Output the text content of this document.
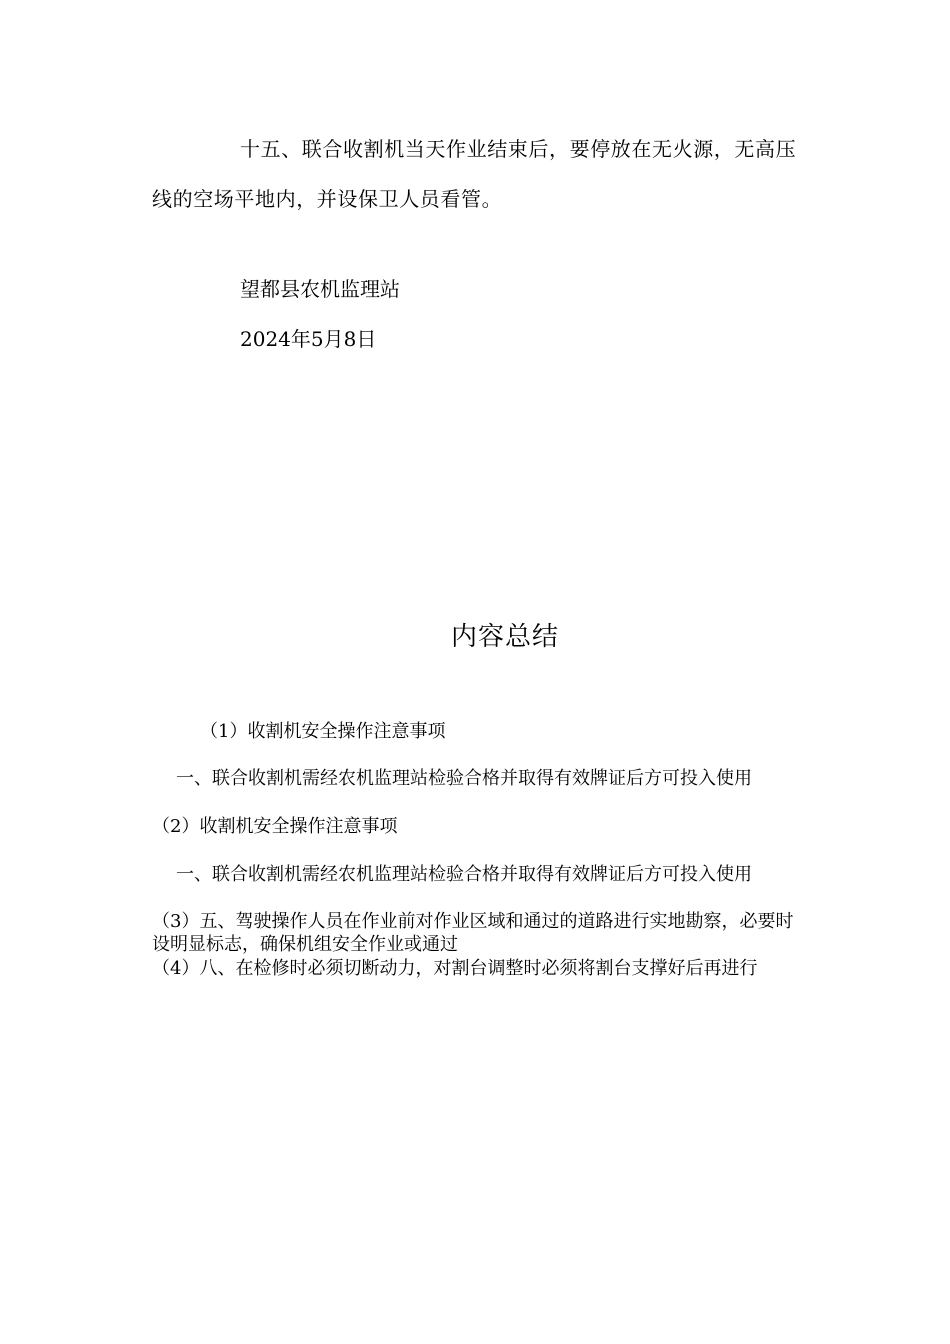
十五、联合收割机当天作业结束后，要停放在无火源，无高压线的空场平地内，并设保卫人员看管。

望都县农机监理站
2024年5月8日
内容总结
（1）收割机安全操作注意事项
一、联合收割机需经农机监理站检验合格并取得有效牌证后方可投入使用
（2）收割机安全操作注意事项
一、联合收割机需经农机监理站检验合格并取得有效牌证后方可投入使用
（3）五、驾驶操作人员在作业前对作业区域和通过的道路进行实地勘察，必要时设明显标志，确保机组安全作业或通过
（4）八、在检修时必须切断动力，对割台调整时必须将割台支撑好后再进行
